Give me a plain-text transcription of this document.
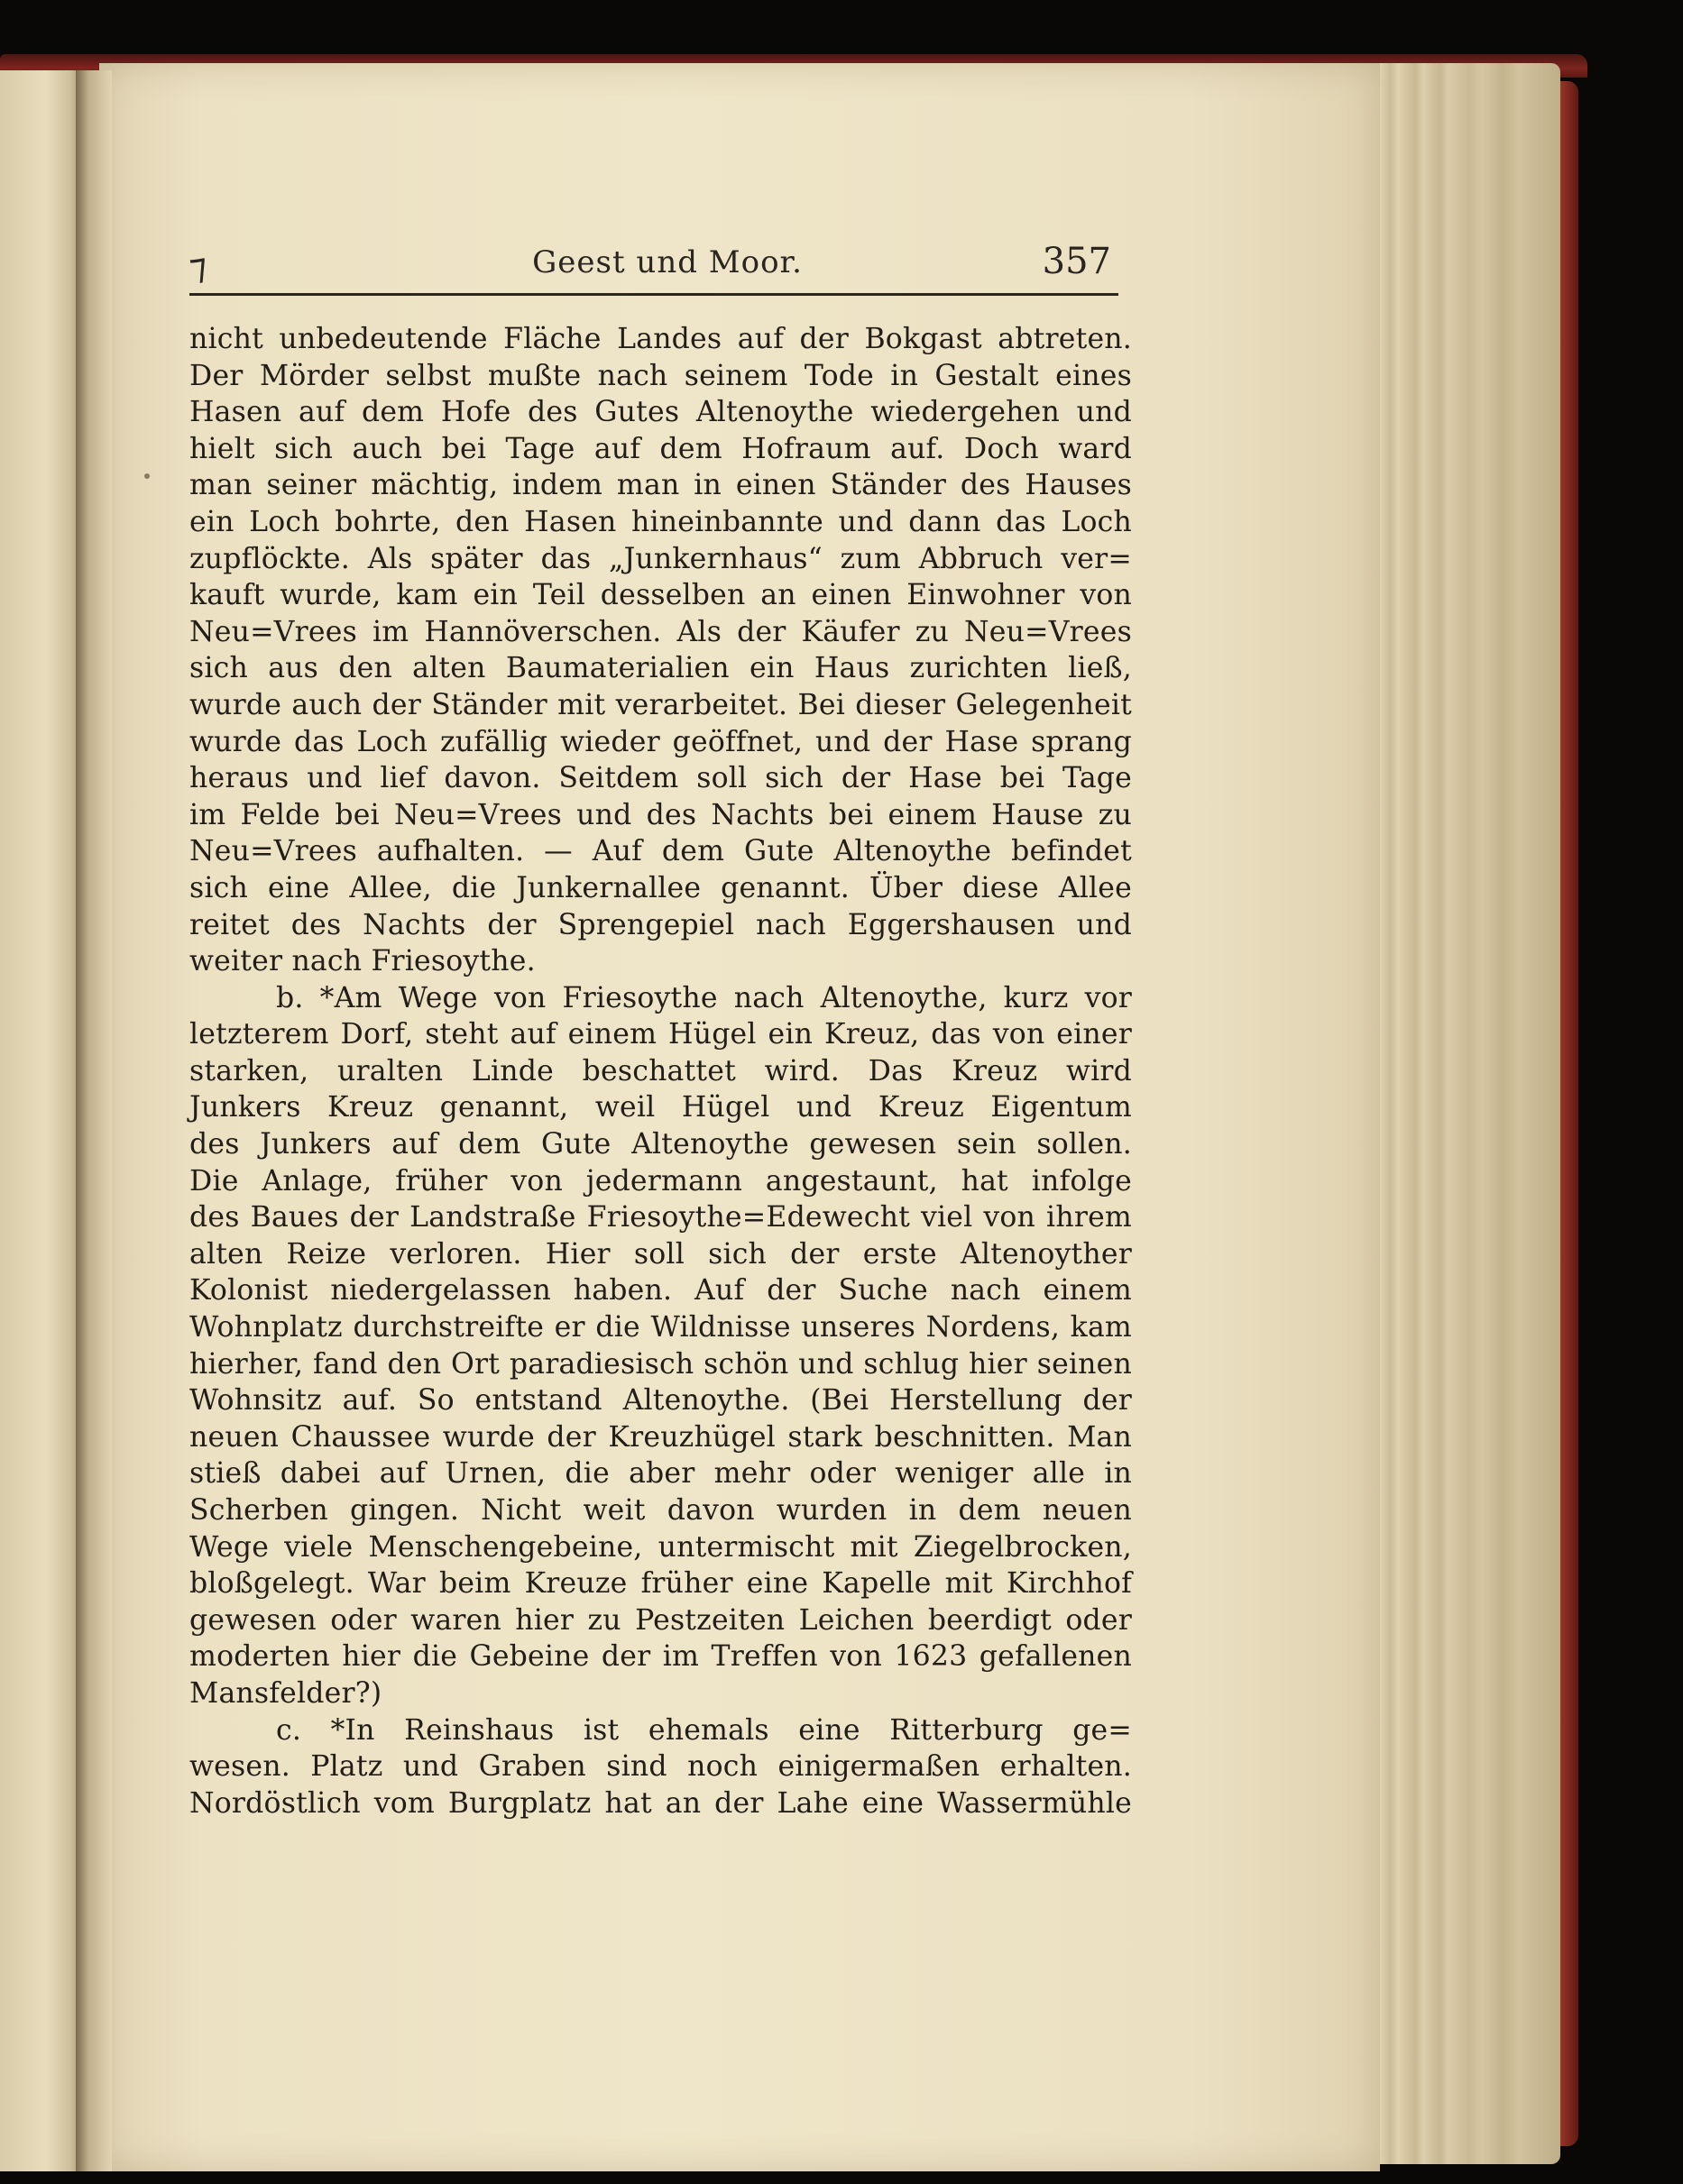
⁊	Geest und Moor.	357
nicht unbedeutende Fläche Landes auf der Bokgast abtreten.
Der Mörder selbst mußte nach seinem Tode in Gestalt eines
Hasen auf dem Hofe des Gutes Altenoythe wiedergehen und
hielt sich auch bei Tage auf dem Hofraum auf. Doch ward
man seiner mächtig, indem man in einen Ständer des Hauses
ein Loch bohrte, den Hasen hineinbannte und dann das Loch
zupflöckte. Als später das „Junkernhaus“ zum Abbruch ver=
kauft wurde, kam ein Teil desselben an einen Einwohner von
Neu=Vrees im Hannöverschen. Als der Käufer zu Neu=Vrees
sich aus den alten Baumaterialien ein Haus zurichten ließ,
wurde auch der Ständer mit verarbeitet. Bei dieser Gelegenheit
wurde das Loch zufällig wieder geöffnet, und der Hase sprang
heraus und lief davon. Seitdem soll sich der Hase bei Tage
im Felde bei Neu=Vrees und des Nachts bei einem Hause zu
Neu=Vrees aufhalten. — Auf dem Gute Altenoythe befindet
sich eine Allee, die Junkernallee genannt. Über diese Allee
reitet des Nachts der Sprengepiel nach Eggershausen und
weiter nach Friesoythe.
b. *Am Wege von Friesoythe nach Altenoythe, kurz vor
letzterem Dorf, steht auf einem Hügel ein Kreuz, das von einer
starken, uralten Linde beschattet wird. Das Kreuz wird
Junkers Kreuz genannt, weil Hügel und Kreuz Eigentum
des Junkers auf dem Gute Altenoythe gewesen sein sollen.
Die Anlage, früher von jedermann angestaunt, hat infolge
des Baues der Landstraße Friesoythe=Edewecht viel von ihrem
alten Reize verloren. Hier soll sich der erste Altenoyther
Kolonist niedergelassen haben. Auf der Suche nach einem
Wohnplatz durchstreifte er die Wildnisse unseres Nordens, kam
hierher, fand den Ort paradiesisch schön und schlug hier seinen
Wohnsitz auf. So entstand Altenoythe. (Bei Herstellung der
neuen Chaussee wurde der Kreuzhügel stark beschnitten. Man
stieß dabei auf Urnen, die aber mehr oder weniger alle in
Scherben gingen. Nicht weit davon wurden in dem neuen
Wege viele Menschengebeine, untermischt mit Ziegelbrocken,
bloßgelegt. War beim Kreuze früher eine Kapelle mit Kirchhof
gewesen oder waren hier zu Pestzeiten Leichen beerdigt oder
moderten hier die Gebeine der im Treffen von 1623 gefallenen
Mansfelder?)
c. *In Reinshaus ist ehemals eine Ritterburg ge=
wesen. Platz und Graben sind noch einigermaßen erhalten.
Nordöstlich vom Burgplatz hat an der Lahe eine Wassermühle
